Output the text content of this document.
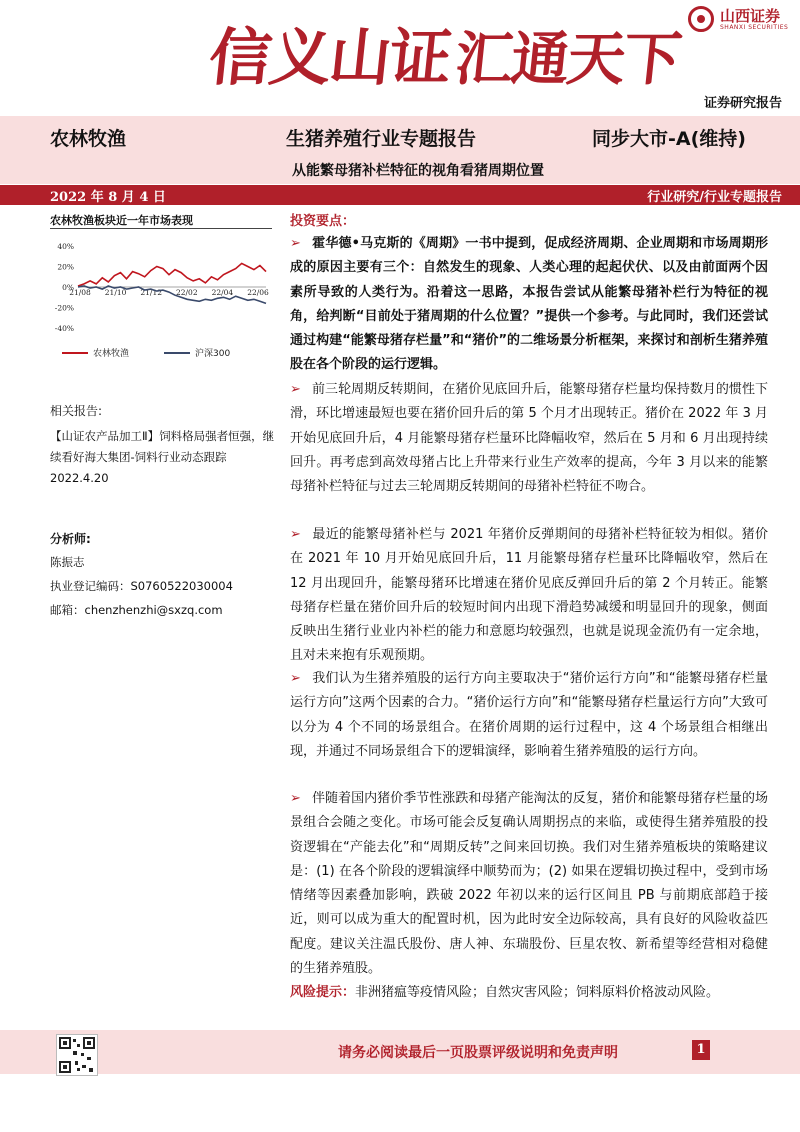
信义山证汇通天下
山西证券
SHANXI SECURITIES
证券研究报告
农林牧渔	生猪养殖行业专题报告	同步大市-A(维持)
从能繁母猪补栏特征的视角看猪周期位置
2022 年 8 月 4 日	行业研究/行业专题报告
农林牧渔板块近一年市场表现
40%
20%
0%
-20%
-40%
21/08 21/10 21/12 22/02 22/04 22/06
农林牧渔	沪深300
相关报告:
【山证农产品加工Ⅱ】饲料格局强者恒强，继续看好海大集团-饲料行业动态跟踪 2022.4.20
分析师:
陈振志
执业登记编码：S0760522030004
邮箱：chenzhenzhi@sxzq.com
投资要点：
➢ 霍华德•马克斯的《周期》一书中提到，促成经济周期、企业周期和市场周期形成的原因主要有三个：自然发生的现象、人类心理的起起伏伏、以及由前面两个因素所导致的人类行为。沿着这一思路，本报告尝试从能繁母猪补栏行为特征的视角，给判断“目前处于猪周期的什么位置？”提供一个参考。与此同时，我们还尝试通过构建“能繁母猪存栏量”和“猪价”的二维场景分析框架，来探讨和剖析生猪养殖股在各个阶段的运行逻辑。
➢ 前三轮周期反转期间，在猪价见底回升后，能繁母猪存栏量均保持数月的惯性下滑，环比增速最短也要在猪价回升后的第 5 个月才出现转正。猪价在 2022 年 3 月开始见底回升后，4 月能繁母猪存栏量环比降幅收窄，然后在 5 月和 6 月出现持续回升。再考虑到高效母猪占比上升带来行业生产效率的提高，今年 3 月以来的能繁母猪补栏特征与过去三轮周期反转期间的母猪补栏特征不吻合。
➢ 最近的能繁母猪补栏与 2021 年猪价反弹期间的母猪补栏特征较为相似。猪价在 2021 年 10 月开始见底回升后，11 月能繁母猪存栏量环比降幅收窄，然后在 12 月出现回升，能繁母猪环比增速在猪价见底反弹回升后的第 2 个月转正。能繁母猪存栏量在猪价回升后的较短时间内出现下滑趋势减缓和明显回升的现象，侧面反映出生猪行业业内补栏的能力和意愿均较强烈，也就是说现金流仍有一定余地，且对未来抱有乐观预期。
➢ 我们认为生猪养殖股的运行方向主要取决于“猪价运行方向”和“能繁母猪存栏量运行方向”这两个因素的合力。“猪价运行方向”和“能繁母猪存栏量运行方向”大致可以分为 4 个不同的场景组合。在猪价周期的运行过程中，这 4 个场景组合相继出现，并通过不同场景组合下的逻辑演绎，影响着生猪养殖股的运行方向。
➢ 伴随着国内猪价季节性涨跌和母猪产能淘汰的反复，猪价和能繁母猪存栏量的场景组合会随之变化。市场可能会反复确认周期拐点的来临，或使得生猪养殖股的投资逻辑在“产能去化”和“周期反转”之间来回切换。我们对生猪养殖板块的策略建议是：(1) 在各个阶段的逻辑演绎中顺势而为；(2) 如果在逻辑切换过程中，受到市场情绪等因素叠加影响，跌破 2022 年初以来的运行区间且 PB 与前期底部趋于接近，则可以成为重大的配置时机，因为此时安全边际较高，具有良好的风险收益匹配度。建议关注温氏股份、唐人神、东瑞股份、巨星农牧、新希望等经营相对稳健的生猪养殖股。
风险提示：非洲猪瘟等疫情风险；自然灾害风险；饲料原料价格波动风险。
请务必阅读最后一页股票评级说明和免责声明	1
